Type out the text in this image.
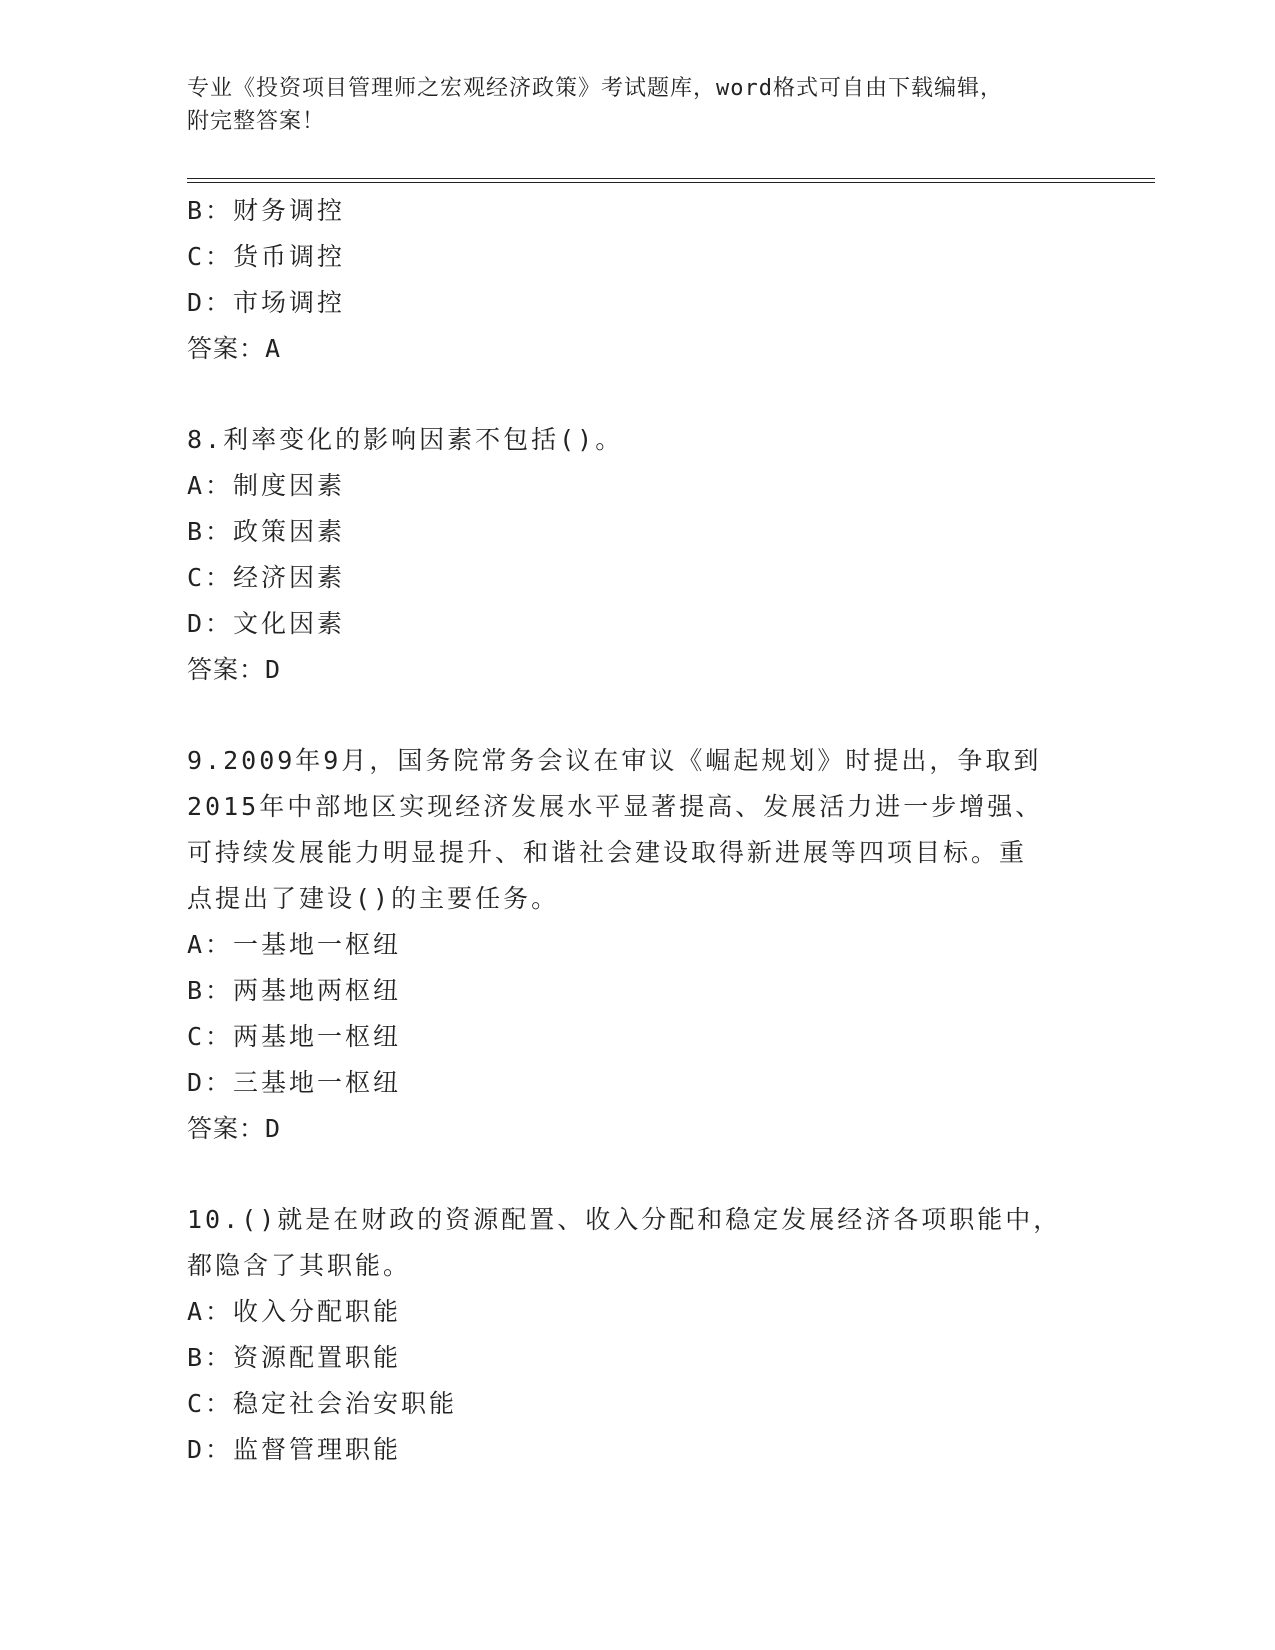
专业《投资项目管理师之宏观经济政策》考试题库，word格式可自由下载编辑，
附完整答案！
B：财务调控
C：货币调控
D：市场调控
答案：A
8.利率变化的影响因素不包括()。
A：制度因素
B：政策因素
C：经济因素
D：文化因素
答案：D
9.2009年9月，国务院常务会议在审议《崛起规划》时提出，争取到
2015年中部地区实现经济发展水平显著提高、发展活力进一步增强、
可持续发展能力明显提升、和谐社会建设取得新进展等四项目标。重
点提出了建设()的主要任务。
A：一基地一枢纽
B：两基地两枢纽
C：两基地一枢纽
D：三基地一枢纽
答案：D
10.()就是在财政的资源配置、收入分配和稳定发展经济各项职能中，
都隐含了其职能。
A：收入分配职能
B：资源配置职能
C：稳定社会治安职能
D：监督管理职能
